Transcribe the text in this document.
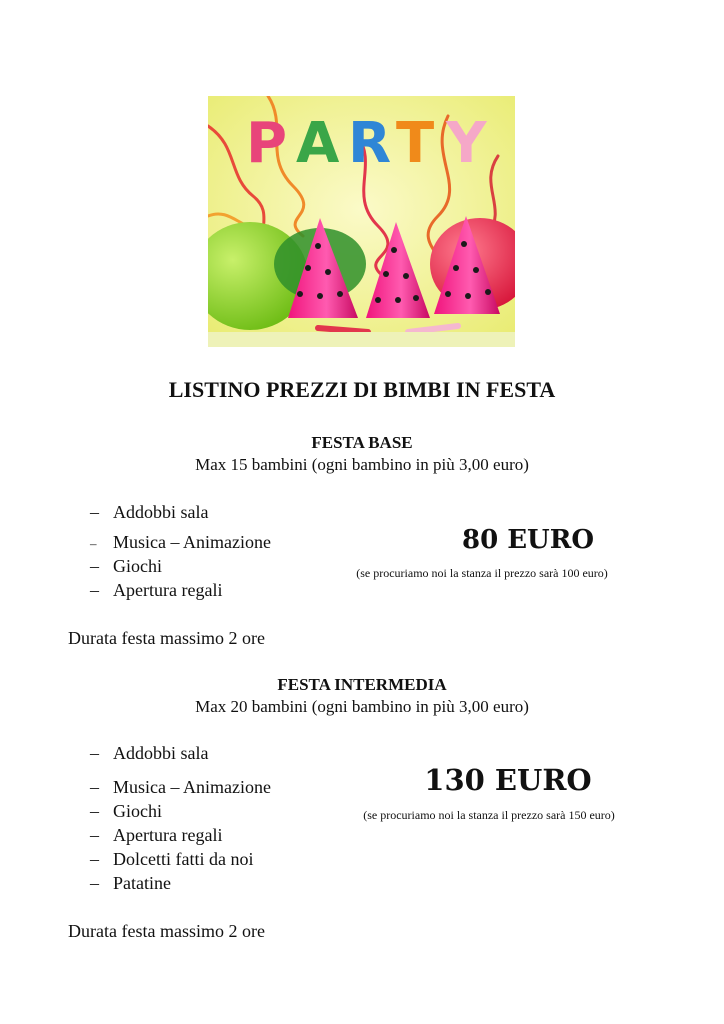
P A R T Y
LISTINO PREZZI DI BIMBI IN FESTA
FESTA BASE
Max 15 bambini (ogni bambino in più 3,00 euro)
– Addobbi sala
– Musica – Animazione
– Giochi
– Apertura regali
80 EURO
(se procuriamo noi la stanza il prezzo sarà 100 euro)
Durata festa massimo 2 ore
FESTA INTERMEDIA
Max 20 bambini (ogni bambino in più 3,00 euro)
– Addobbi sala
– Musica – Animazione
– Giochi
– Apertura regali
– Dolcetti fatti da noi
– Patatine
130 EURO
(se procuriamo noi la stanza il prezzo sarà 150 euro)
Durata festa massimo 2 ore
